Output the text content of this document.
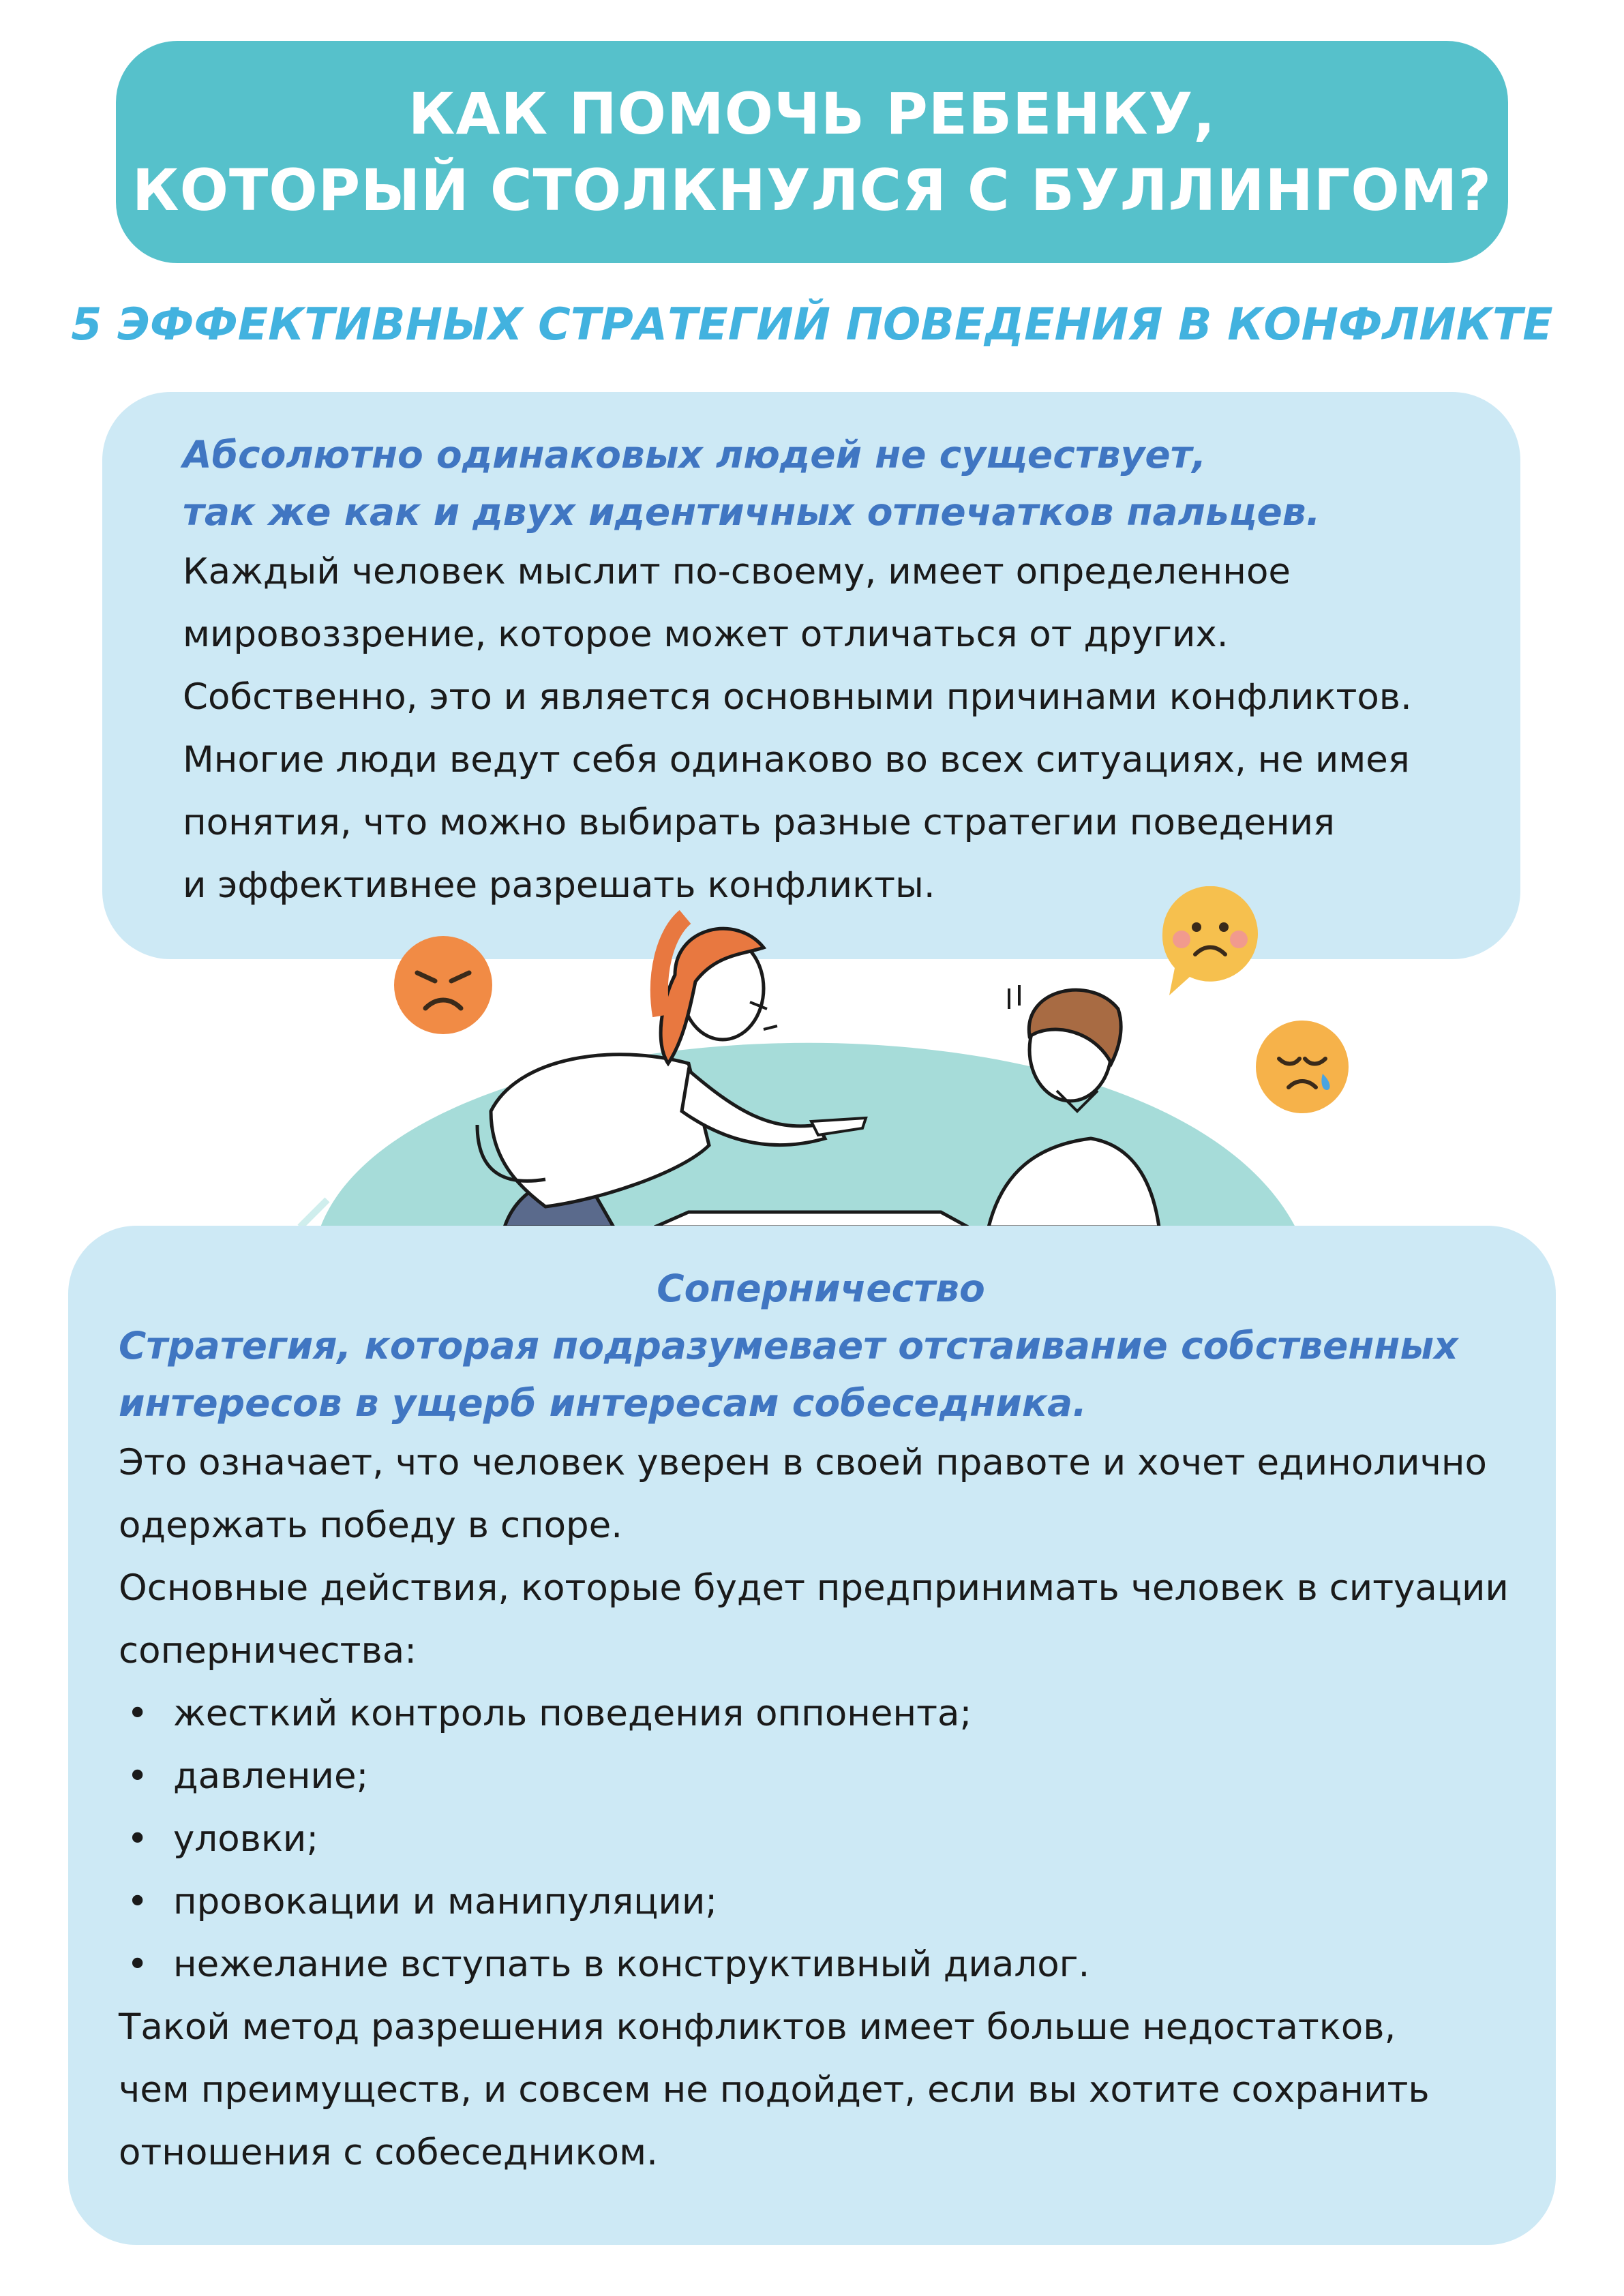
КАК ПОМОЧЬ РЕБЕНКУ,
КОТОРЫЙ СТОЛКНУЛСЯ С БУЛЛИНГОМ?
5 ЭФФЕКТИВНЫХ СТРАТЕГИЙ ПОВЕДЕНИЯ В КОНФЛИКТЕ

Абсолютно одинаковых людей не существует,

так же как и двух идентичных отпечатков пальцев.

Каждый человек мыслит по-своему, имеет определенное

мировоззрение, которое может отличаться от других.

Собственно, это и является основными причинами конфликтов.

Многие люди ведут себя одинаково во всех ситуациях, не имея

понятия, что можно выбирать разные стратегии поведения

и эффективнее разрешать конфликты.

Соперничество

Стратегия, которая подразумевает отстаивание собственных

интересов в ущерб интересам собеседника.

Это означает, что человек уверен в своей правоте и хочет единолично

одержать победу в споре.

Основные действия, которые будет предпринимать человек в ситуации

соперничества:

• жесткий контроль поведения оппонента;
• давление;
• уловки;
• провокации и манипуляции;
• нежелание вступать в конструктивный диалог.

Такой метод разрешения конфликтов имеет больше недостатков,

чем преимуществ, и совсем не подойдет, если вы хотите сохранить

отношения с собеседником.
